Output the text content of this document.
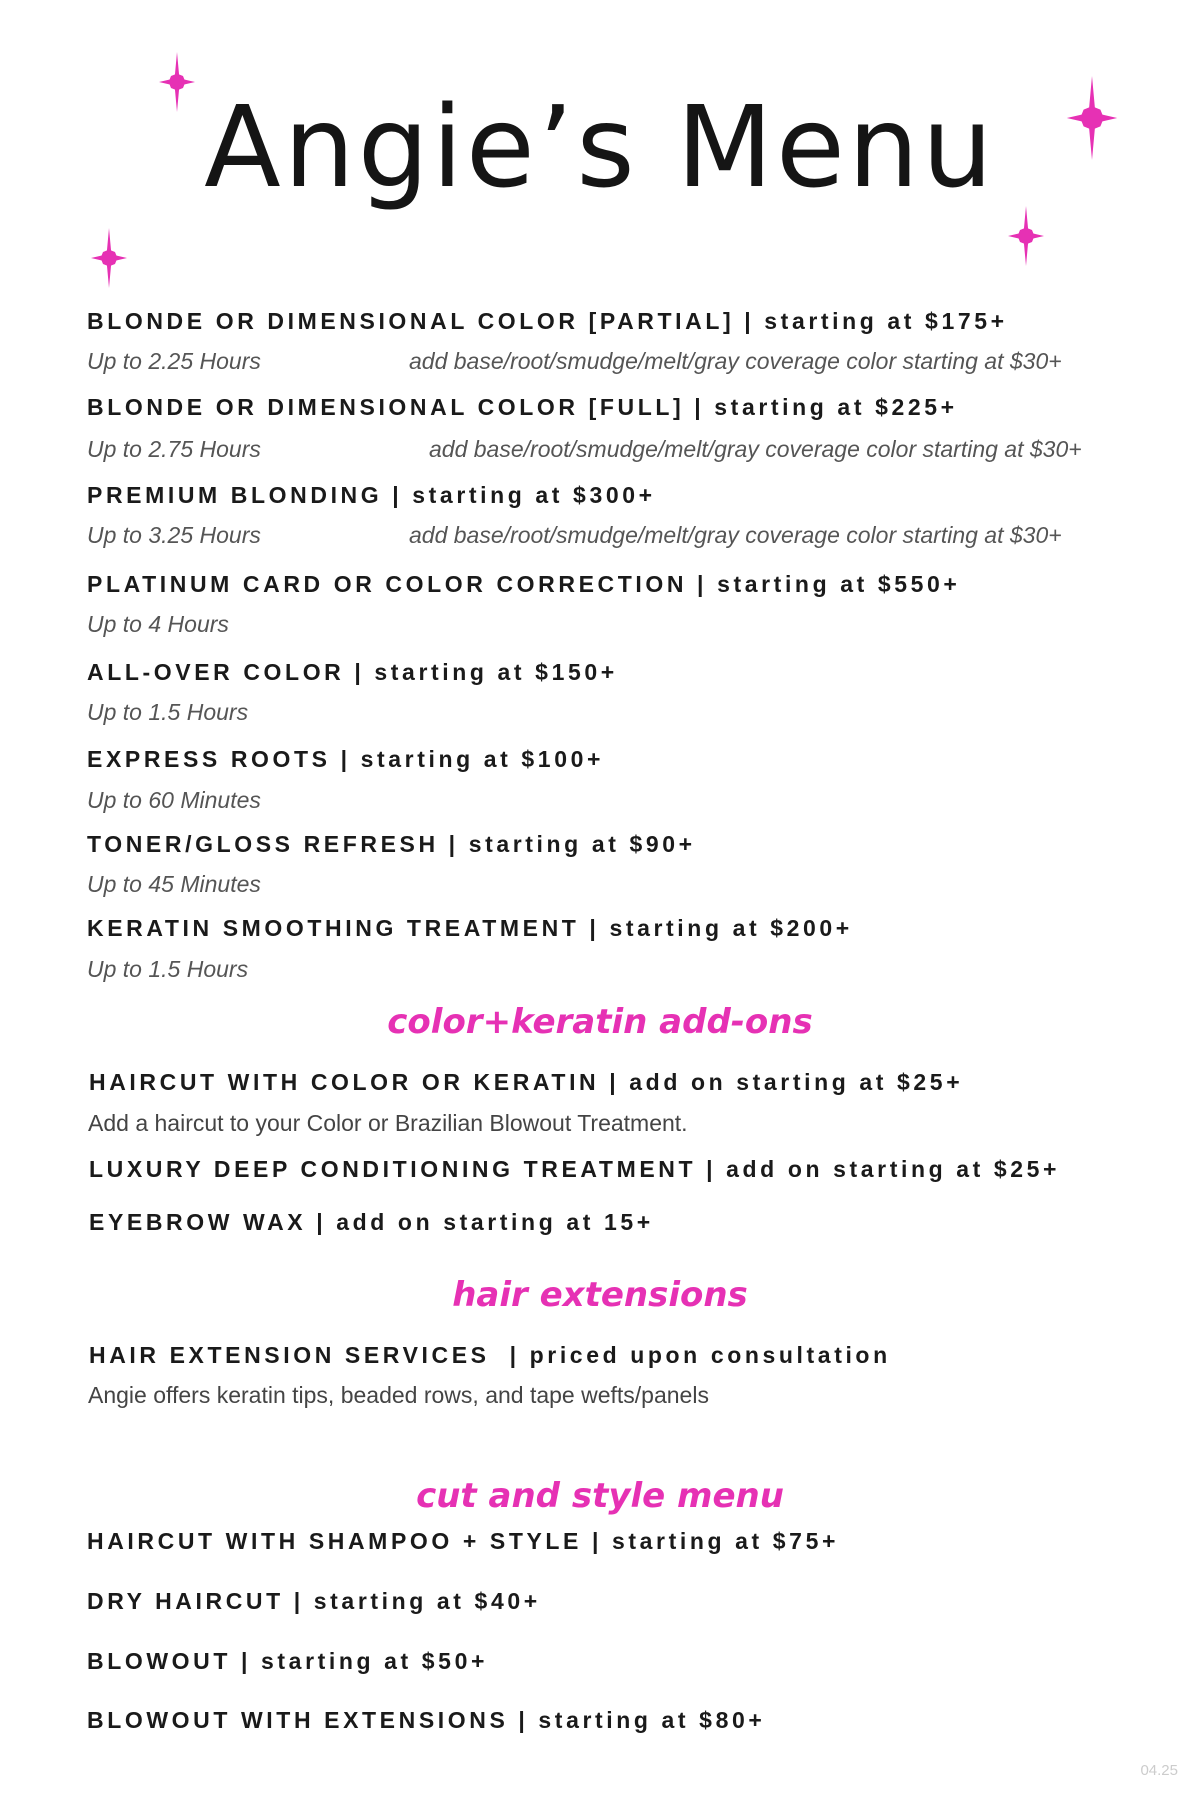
Angie’s Menu
BLONDE OR DIMENSIONAL COLOR [PARTIAL] | starting at $175+
Up to 2.25 Hours	add base/root/smudge/melt/gray coverage color starting at $30+
BLONDE OR DIMENSIONAL COLOR [FULL] | starting at $225+
Up to 2.75 Hours	add base/root/smudge/melt/gray coverage color starting at $30+
PREMIUM BLONDING | starting at $300+
Up to 3.25 Hours	add base/root/smudge/melt/gray coverage color starting at $30+
PLATINUM CARD OR COLOR CORRECTION | starting at $550+
Up to 4 Hours
ALL-OVER COLOR | starting at $150+
Up to 1.5 Hours
EXPRESS ROOTS | starting at $100+
Up to 60 Minutes
TONER/GLOSS REFRESH | starting at $90+
Up to 45 Minutes
KERATIN SMOOTHING TREATMENT | starting at $200+
Up to 1.5 Hours
color+keratin add-ons
HAIRCUT WITH COLOR OR KERATIN | add on starting at $25+
Add a haircut to your Color or Brazilian Blowout Treatment.
LUXURY DEEP CONDITIONING TREATMENT | add on starting at $25+
EYEBROW WAX | add on starting at 15+
hair extensions
HAIR EXTENSION SERVICES  | priced upon consultation
Angie offers keratin tips, beaded rows, and tape wefts/panels
cut and style menu
HAIRCUT WITH SHAMPOO + STYLE | starting at $75+
DRY HAIRCUT | starting at $40+
BLOWOUT | starting at $50+
BLOWOUT WITH EXTENSIONS | starting at $80+
04.25
